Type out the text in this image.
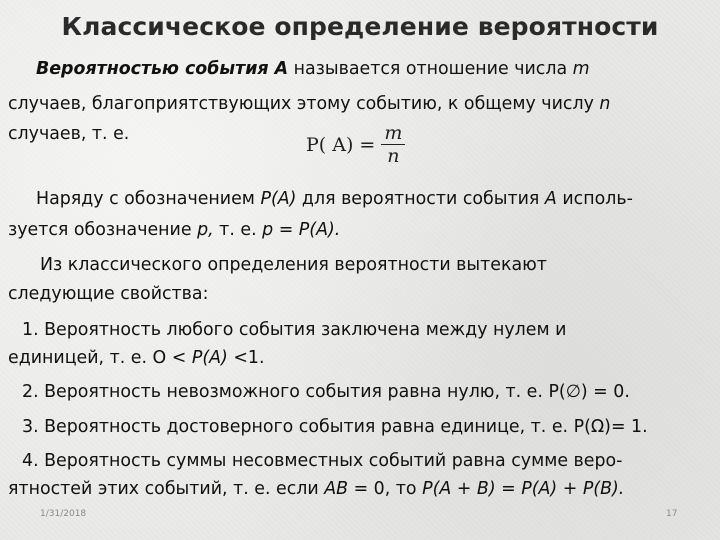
Классическое определение вероятности
Вероятностью события А называется отношение числа m
случаев, благоприятствующих этому событию, к общему числу n
случаев, т. е.	P( $A) = \frac{m}{n}$
Наряду с обозначением Р(А) для вероятности события А исполь-
зуется обозначение р, т. е. р = Р(А).
Из классического определения вероятности вытекают
следующие свойства:
1. Вероятность любого события заключена между нулем и
единицей, т. е. О < Р(А) <1.
2. Вероятность невозможного события равна нулю, т. е. Р(∅) = 0.
3. Вероятность достоверного события равна единице, т. е. Р(Ω)= 1.
4. Вероятность суммы несовместных событий равна сумме веро-
ятностей этих событий, т. е. если АВ = 0, то Р(А + В) = Р(А) + Р(В).
1/31/2018	17
